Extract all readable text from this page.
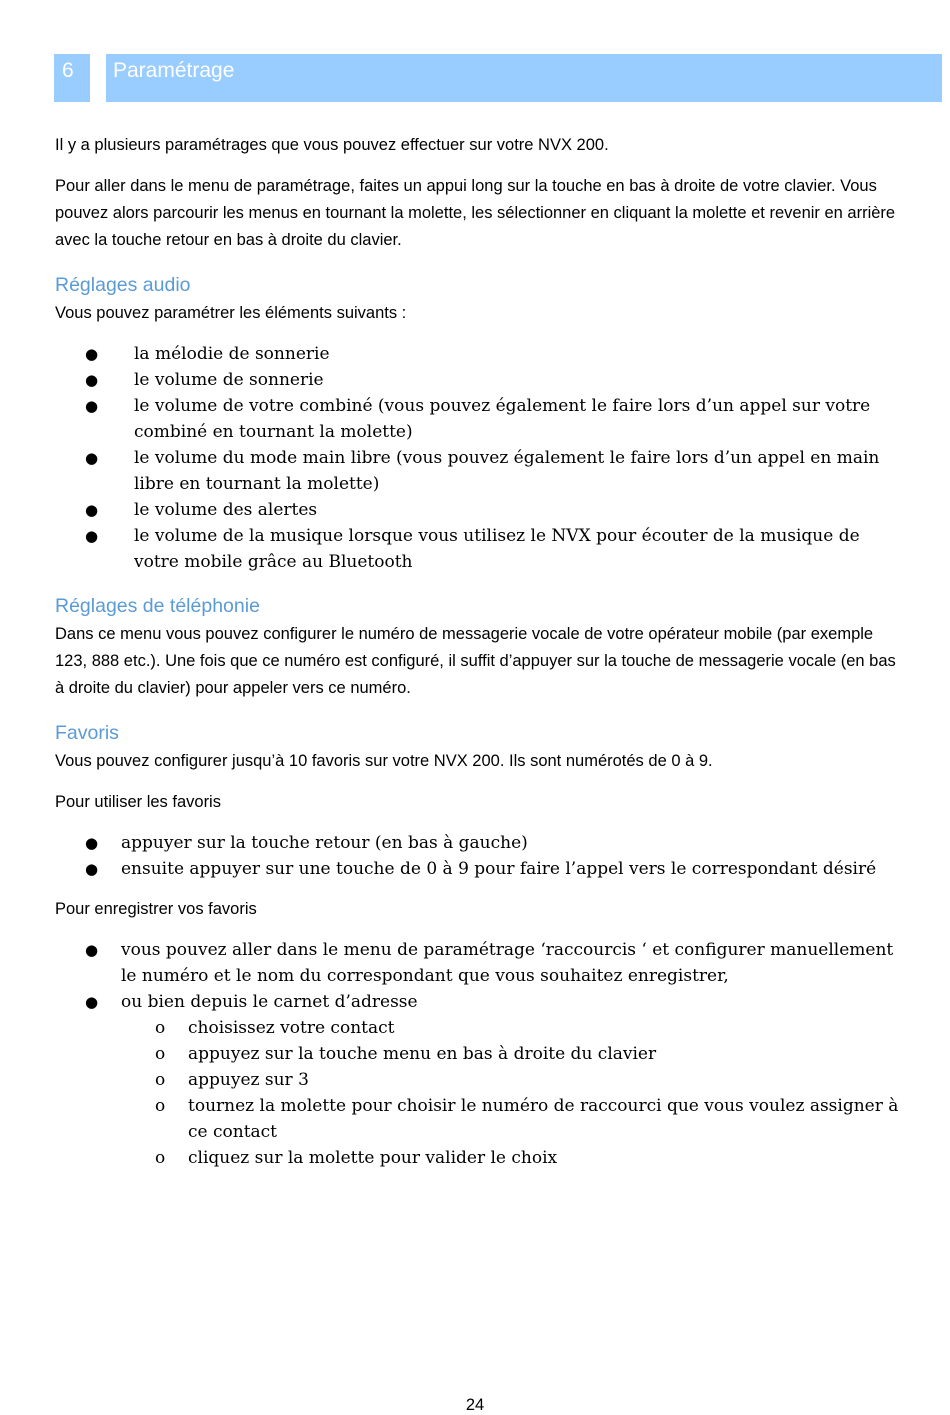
6 Paramétrage

Il y a plusieurs paramétrages que vous pouvez effectuer sur votre NVX 200.

Pour aller dans le menu de paramétrage, faites un appui long sur la touche en bas à droite de votre clavier. Vous pouvez alors parcourir les menus en tournant la molette, les sélectionner en cliquant la molette et revenir en arrière avec la touche retour en bas à droite du clavier.

Réglages audio

Vous pouvez paramétrer les éléments suivants :

● la mélodie de sonnerie
● le volume de sonnerie
● le volume de votre combiné (vous pouvez également le faire lors d’un appel sur votre combiné en tournant la molette)
● le volume du mode main libre (vous pouvez également le faire lors d’un appel en main libre en tournant la molette)
● le volume des alertes
● le volume de la musique lorsque vous utilisez le NVX pour écouter de la musique de votre mobile grâce au Bluetooth
Réglages de téléphonie

Dans ce menu vous pouvez configurer le numéro de messagerie vocale de votre opérateur mobile (par exemple 123, 888 etc.). Une fois que ce numéro est configuré, il suffit d’appuyer sur la touche de messagerie vocale (en bas à droite du clavier) pour appeler vers ce numéro.

Favoris

Vous pouvez configurer jusqu’à 10 favoris sur votre NVX 200. Ils sont numérotés de 0 à 9.

Pour utiliser les favoris

● appuyer sur la touche retour (en bas à gauche)
● ensuite appuyer sur une touche de 0 à 9 pour faire l’appel vers le correspondant désiré

Pour enregistrer vos favoris

● vous pouvez aller dans le menu de paramétrage ‘raccourcis ‘ et configurer manuellement le numéro et le nom du correspondant que vous souhaitez enregistrer,
● ou bien depuis le carnet d’adresse
o choisissez votre contact
o appuyez sur la touche menu en bas à droite du clavier
o appuyez sur 3
o tournez la molette pour choisir le numéro de raccourci que vous voulez assigner à ce contact
o cliquez sur la molette pour valider le choix
24
